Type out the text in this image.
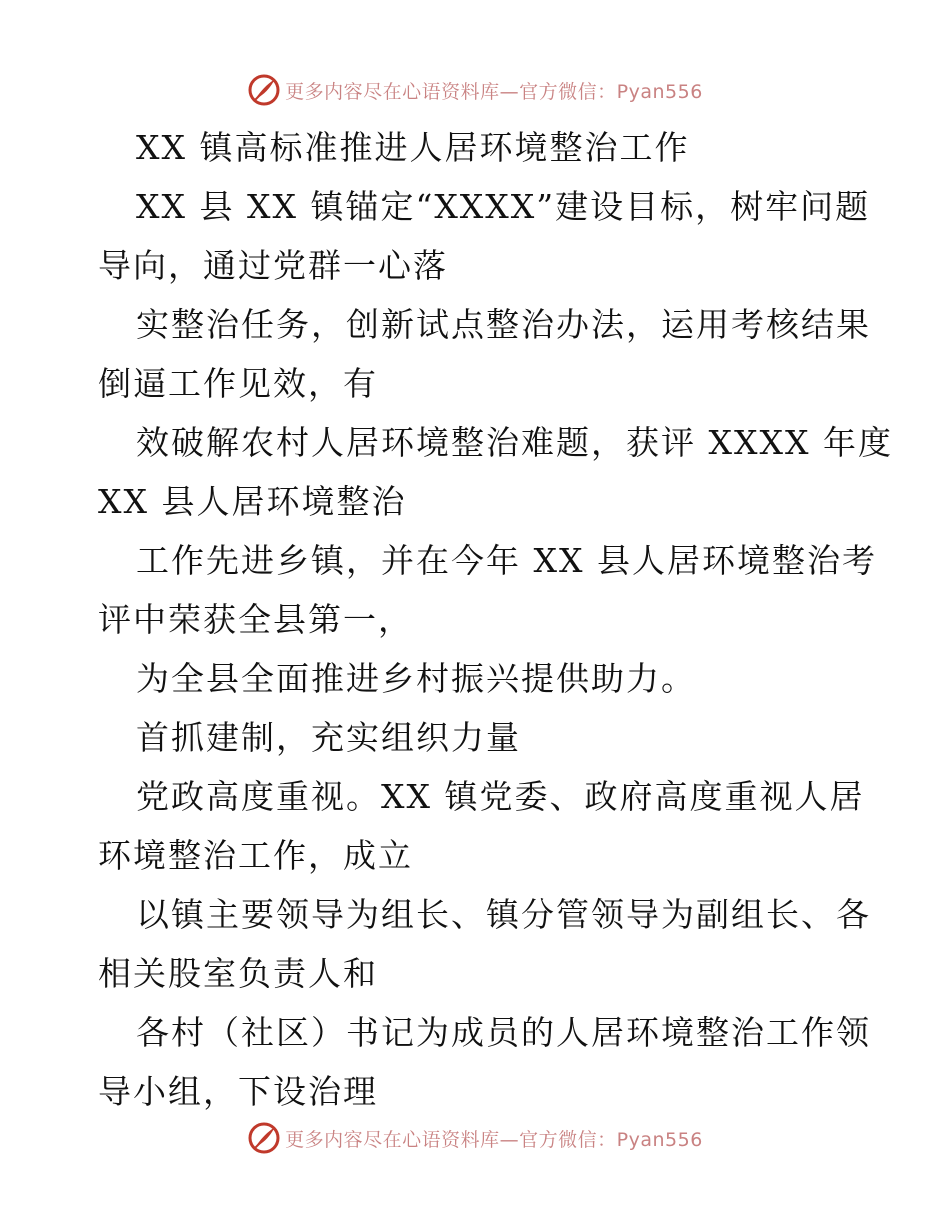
更多内容尽在心语资料库—官方微信：Pyan556
XX 镇高标准推进人居环境整治工作
XX 县 XX 镇锚定“XXXX”建设目标，树牢问题
导向，通过党群一心落
实整治任务，创新试点整治办法，运用考核结果
倒逼工作见效，有
效破解农村人居环境整治难题，获评 XXXX 年度
XX 县人居环境整治
工作先进乡镇，并在今年 XX 县人居环境整治考
评中荣获全县第一，
为全县全面推进乡村振兴提供助力。
首抓建制，充实组织力量
党政高度重视。XX 镇党委、政府高度重视人居
环境整治工作，成立
以镇主要领导为组长、镇分管领导为副组长、各
相关股室负责人和
各村（社区）书记为成员的人居环境整治工作领
导小组，下设治理
更多内容尽在心语资料库—官方微信：Pyan556
